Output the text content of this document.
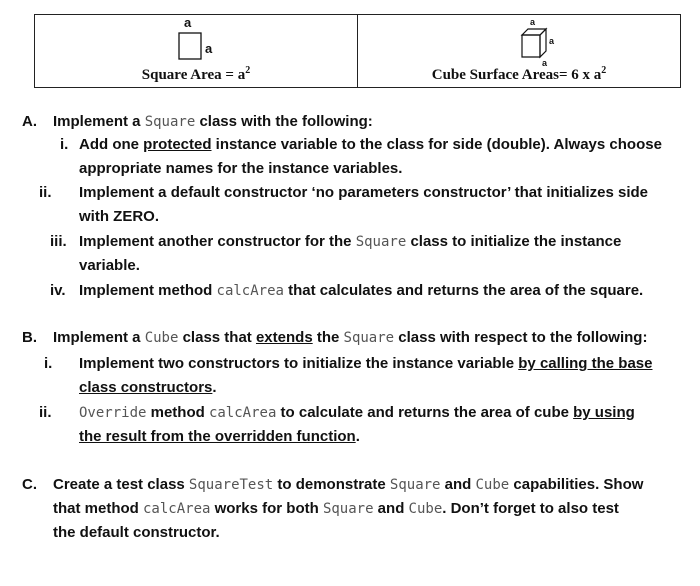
a
a
Square Area = $a^2$
a
a
a
Cube Surface Areas= 6 x $a^2$
A. Implement a Square class with the following:
i. Add one protected instance variable to the class for side (double). Always choose
appropriate names for the instance variables.
ii. Implement a default constructor ‘no parameters constructor’ that initializes side
with ZERO.
iii. Implement another constructor for the Square class to initialize the instance
variable.
iv. Implement method calcArea that calculates and returns the area of the square.
B. Implement a Cube class that extends the Square class with respect to the following:
i. Implement two constructors to initialize the instance variable by calling the base
class constructors.
ii. Override method calcArea to calculate and returns the area of cube by using
the result from the overridden function.
C. Create a test class SquareTest to demonstrate Square and Cube capabilities. Show
that method calcArea works for both Square and Cube. Don’t forget to also test
the default constructor.
